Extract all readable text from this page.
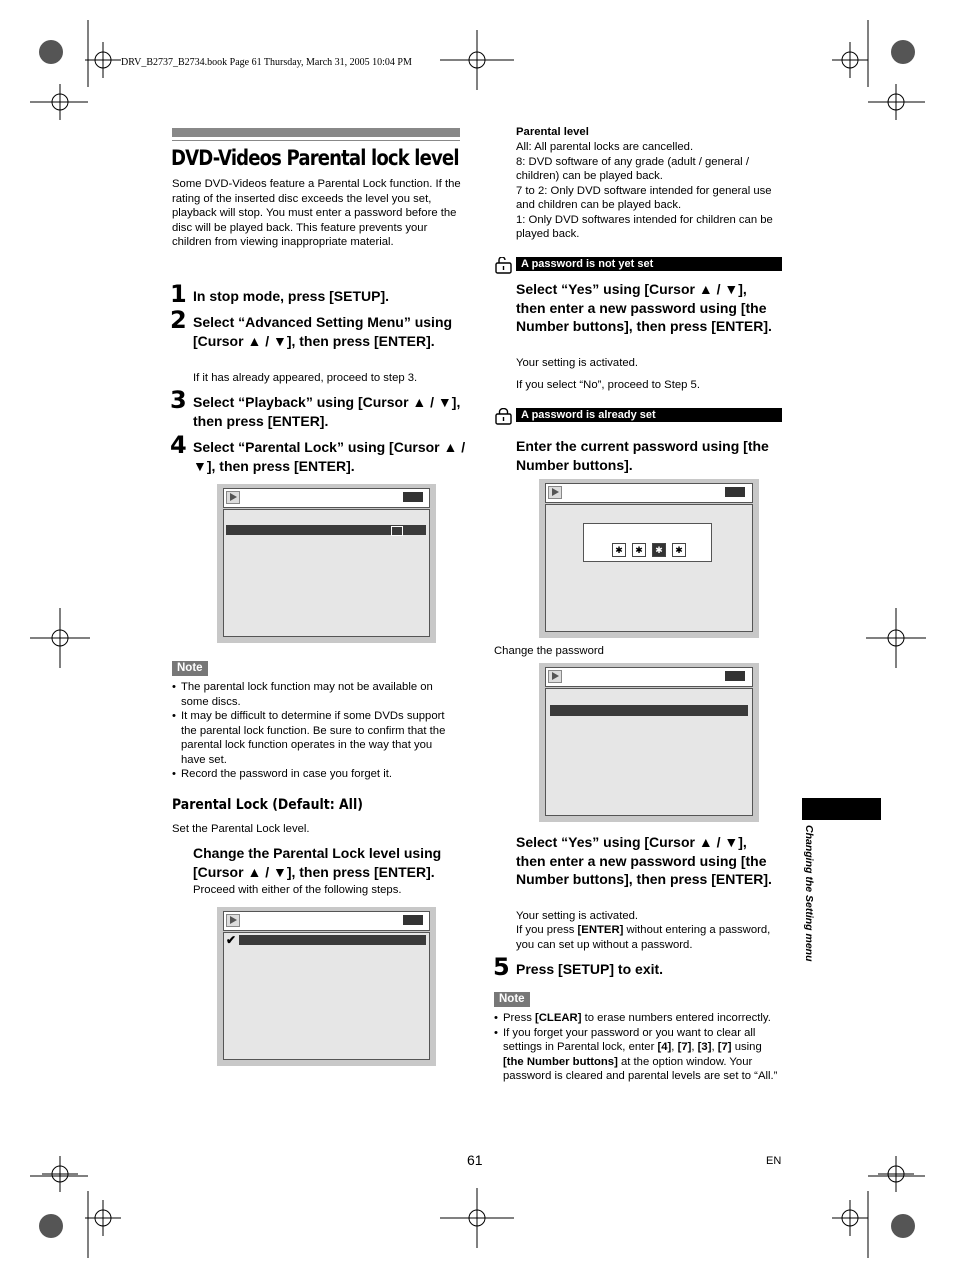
DRV_B2737_B2734.book Page 61 Thursday, March 31, 2005 10:04 PM
DVD-Videos Parental lock level
Some DVD-Videos feature a Parental Lock function. If the rating of the inserted disc exceeds the level you set, playback will stop. You must enter a password before the disc will be played back. This feature prevents your children from viewing inappropriate material.
1 In stop mode, press [SETUP].
2 Select “Advanced Setting Menu” using [Cursor ▲ / ▼], then press [ENTER].
If it has already appeared, proceed to step 3.
3 Select “Playback” using [Cursor ▲ / ▼], then press [ENTER].
4 Select “Parental Lock” using [Cursor ▲ / ▼], then press [ENTER].
Note
• The parental lock function may not be available on some discs.
• It may be difficult to determine if some DVDs support the parental lock function. Be sure to confirm that the parental lock function operates in the way that you have set.
• Record the password in case you forget it.
Parental Lock (Default: All)
Set the Parental Lock level.
Change the Parental Lock level using [Cursor ▲ / ▼], then press [ENTER].
Proceed with either of the following steps.
✔
Parental level
All: All parental locks are cancelled.
8: DVD software of any grade (adult / general / children) can be played back.
7 to 2: Only DVD software intended for general use and children can be played back.
1: Only DVD softwares intended for children can be played back.
A password is not yet set
Select “Yes” using [Cursor ▲ / ▼], then enter a new password using [the Number buttons], then press [ENTER].
Your setting is activated.
If you select “No”, proceed to Step 5.
A password is already set
Enter the current password using [the Number buttons].
✱	✱	✱	✱
Change the password
Select “Yes” using [Cursor ▲ / ▼], then enter a new password using [the Number buttons], then press [ENTER].
Your setting is activated.
If you press [ENTER] without entering a password, you can set up without a password.
5 Press [SETUP] to exit.
Note
• Press [CLEAR] to erase numbers entered incorrectly.
• If you forget your password or you want to clear all settings in Parental lock, enter [4], [7], [3], [7] using [the Number buttons] at the option window. Your password is cleared and parental levels are set to “All.”
Changing the Setting menu
61	EN
